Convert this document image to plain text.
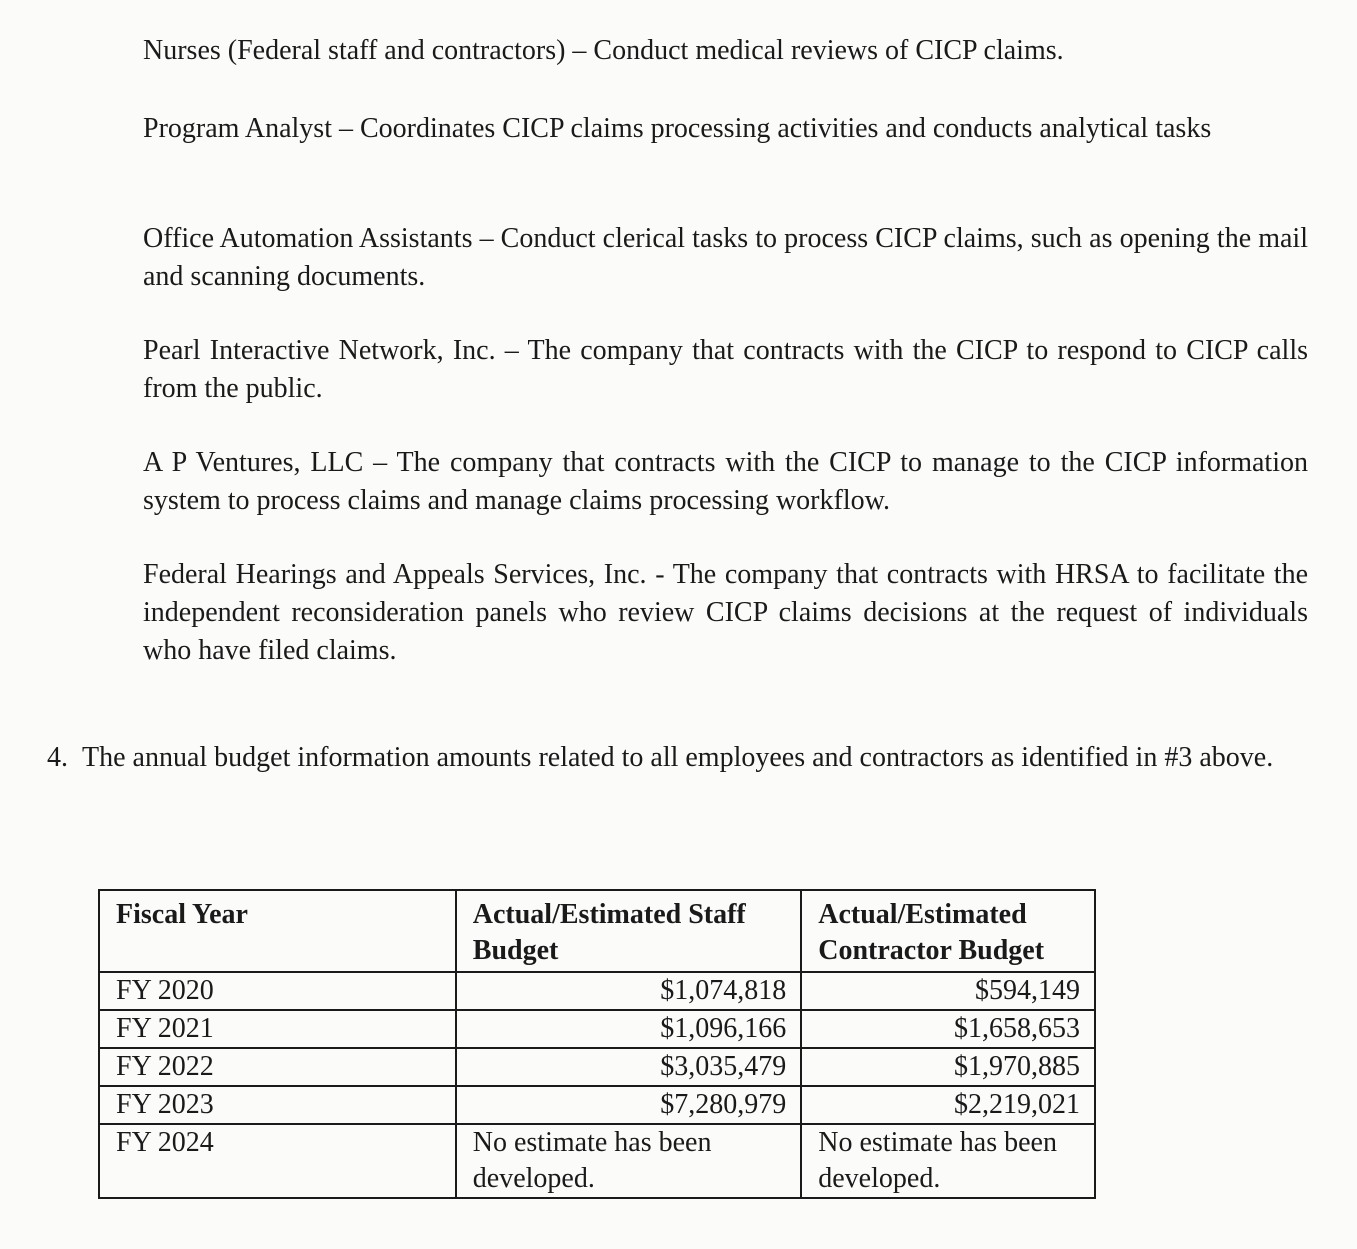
Nurses (Federal staff and contractors) – Conduct medical reviews of CICP claims.

Program Analyst – Coordinates CICP claims processing activities and conducts analytical tasks

Office Automation Assistants – Conduct clerical tasks to process CICP claims, such as opening the mail and scanning documents.

Pearl Interactive Network, Inc. – The company that contracts with the CICP to respond to CICP calls from the public.

A P Ventures, LLC – The company that contracts with the CICP to manage to the CICP information system to process claims and manage claims processing workflow.

Federal Hearings and Appeals Services, Inc. - The company that contracts with HRSA to facilitate the independent reconsideration panels who review CICP claims decisions at the request of individuals who have filed claims.

4. The annual budget information amounts related to all employees and contractors as identified in #3 above.

Fiscal Year	Actual/Estimated Staff Budget	Actual/Estimated Contractor Budget
FY 2020	$1,074,818	$594,149
FY 2021	$1,096,166	$1,658,653
FY 2022	$3,035,479	$1,970,885
FY 2023	$7,280,979	$2,219,021
FY 2024	No estimate has been developed.	No estimate has been developed.
